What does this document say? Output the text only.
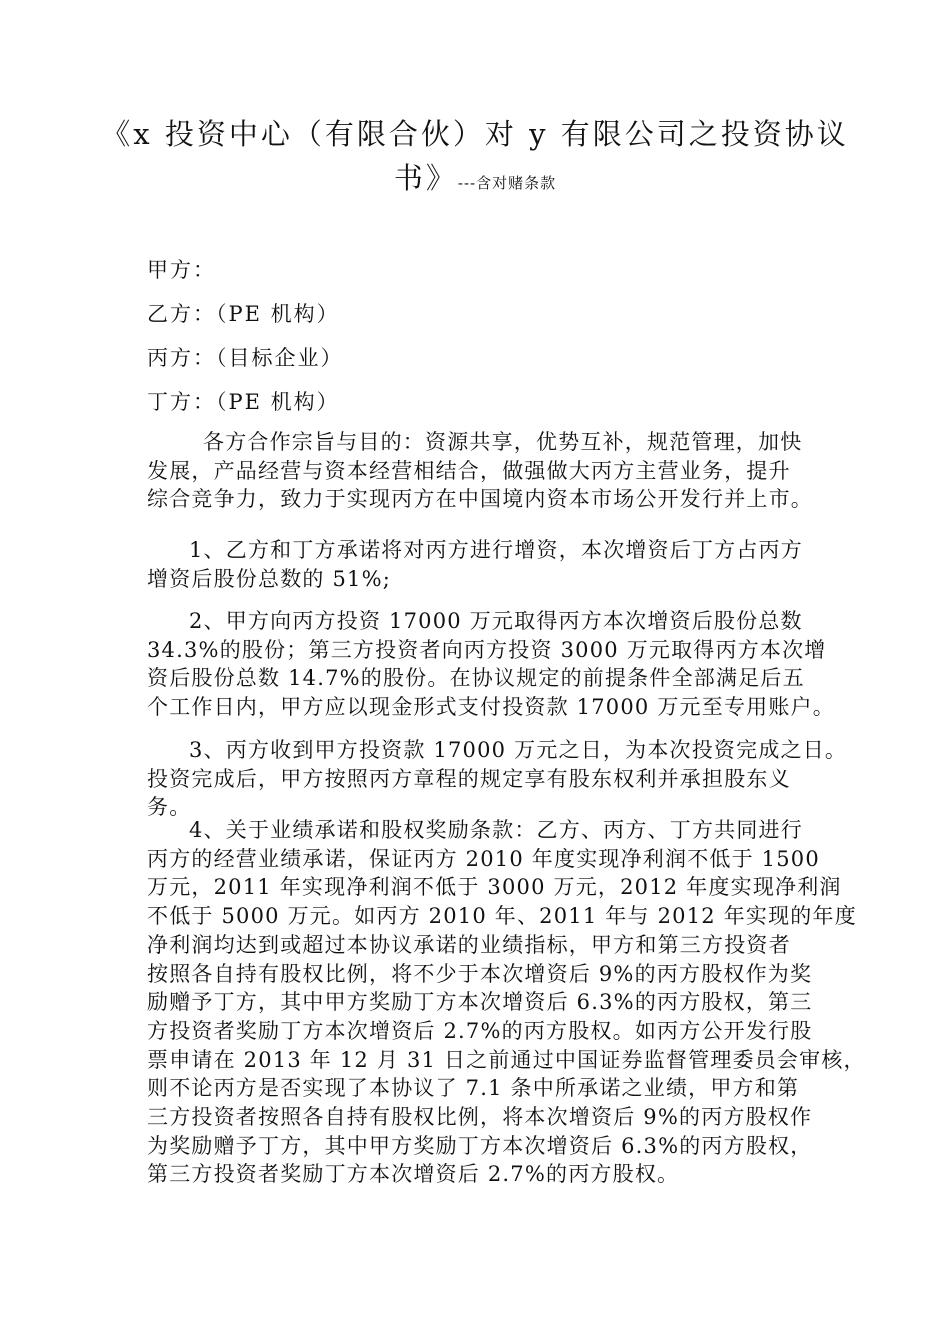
《x 投资中心（有限合伙）对 y 有限公司之投资协议
书》---含对赌条款
甲方：
乙方：（PE 机构）
丙方：（目标企业）
丁方：（PE 机构）
各方合作宗旨与目的：资源共享，优势互补，规范管理，加快
发展，产品经营与资本经营相结合，做强做大丙方主营业务，提升
综合竞争力，致力于实现丙方在中国境内资本市场公开发行并上市。
1、乙方和丁方承诺将对丙方进行增资，本次增资后丁方占丙方
增资后股份总数的 51%;
2、甲方向丙方投资 17000 万元取得丙方本次增资后股份总数
34.3%的股份；第三方投资者向丙方投资 3000 万元取得丙方本次增
资后股份总数 14.7%的股份。在协议规定的前提条件全部满足后五
个工作日内，甲方应以现金形式支付投资款 17000 万元至专用账户。
3、丙方收到甲方投资款 17000 万元之日，为本次投资完成之日。
投资完成后，甲方按照丙方章程的规定享有股东权利并承担股东义
务。
4、关于业绩承诺和股权奖励条款：乙方、丙方、丁方共同进行
丙方的经营业绩承诺，保证丙方 2010 年度实现净利润不低于 1500
万元，2011 年实现净利润不低于 3000 万元，2012 年度实现净利润
不低于 5000 万元。如丙方 2010 年、2011 年与 2012 年实现的年度
净利润均达到或超过本协议承诺的业绩指标，甲方和第三方投资者
按照各自持有股权比例，将不少于本次增资后 9%的丙方股权作为奖
励赠予丁方，其中甲方奖励丁方本次增资后 6.3%的丙方股权，第三
方投资者奖励丁方本次增资后 2.7%的丙方股权。如丙方公开发行股
票申请在 2013 年 12 月 31 日之前通过中国证券监督管理委员会审核，
则不论丙方是否实现了本协议了 7.1 条中所承诺之业绩，甲方和第
三方投资者按照各自持有股权比例，将本次增资后 9%的丙方股权作
为奖励赠予丁方，其中甲方奖励丁方本次增资后 6.3%的丙方股权，
第三方投资者奖励丁方本次增资后 2.7%的丙方股权。
